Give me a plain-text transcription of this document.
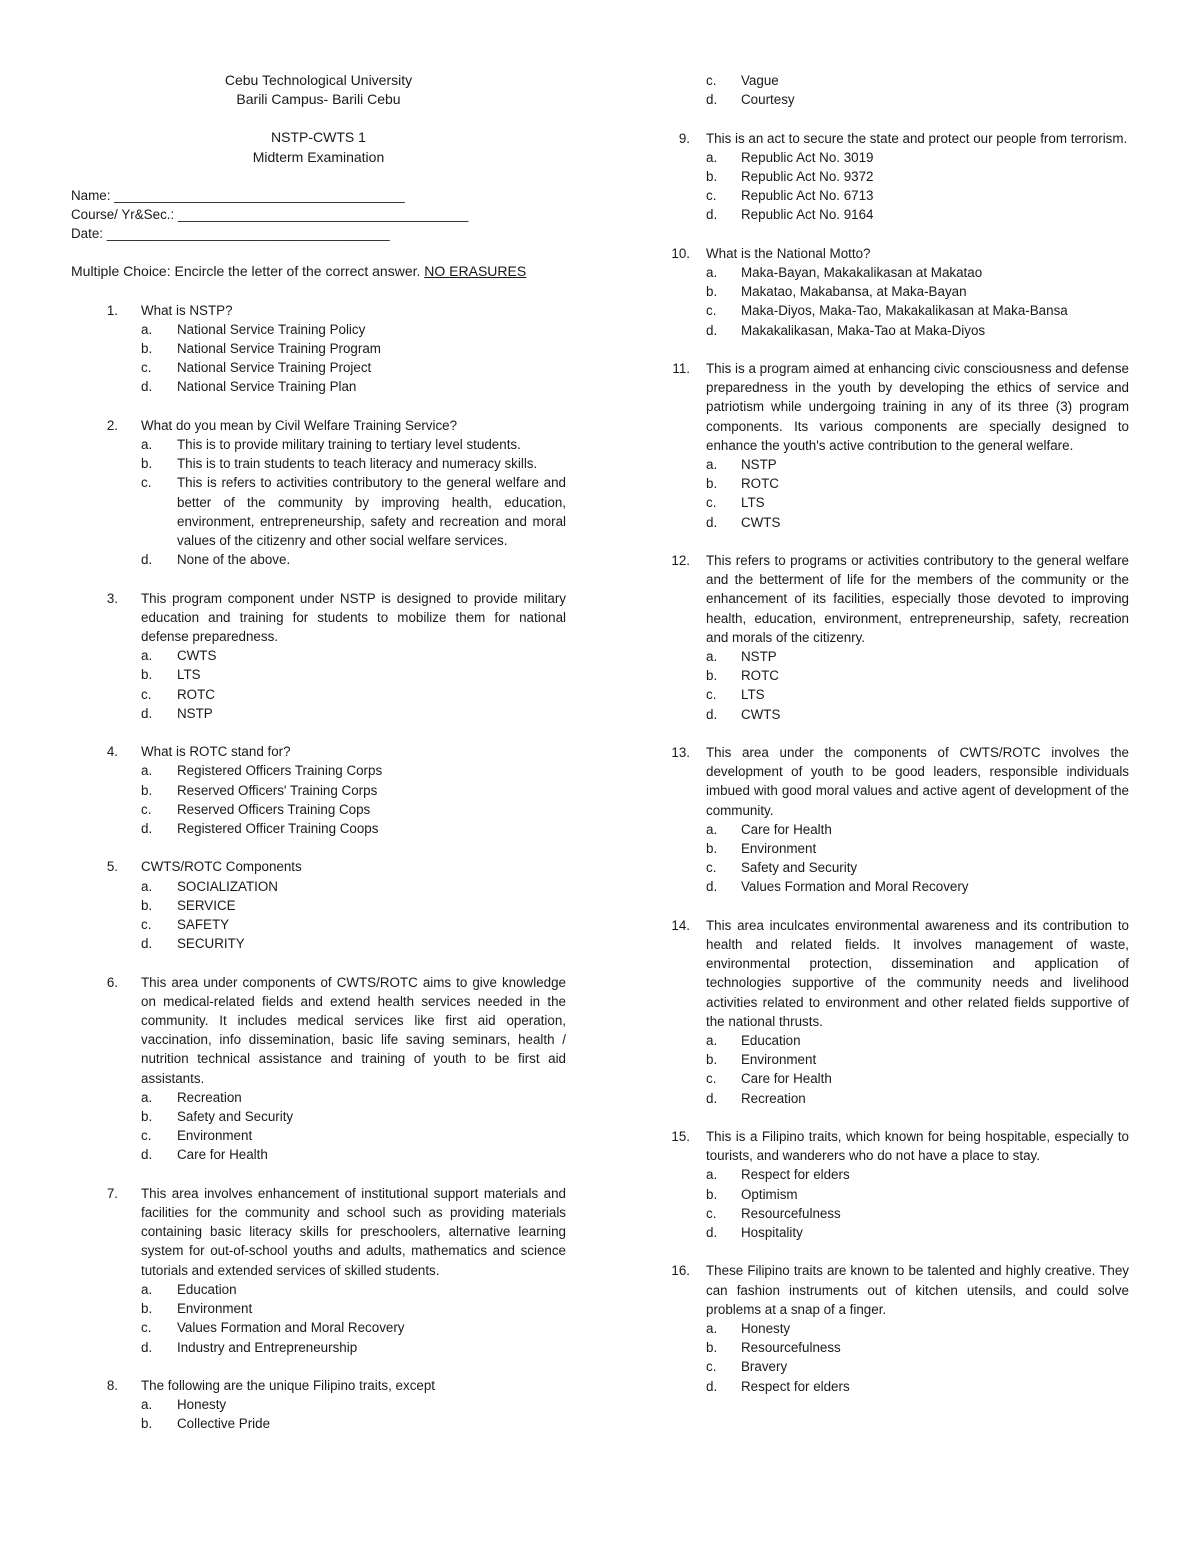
Cebu Technological University
Barili Campus- Barili Cebu
NSTP-CWTS 1
Midterm Examination
Name: _______________________________________
Course/ Yr&Sec.: _______________________________________
Date: ______________________________________
Multiple Choice: Encircle the letter of the correct answer. NO ERASURES
1. What is NSTP?
a. National Service Training Policy
b. National Service Training Program
c. National Service Training Project
d. National Service Training Plan
2. What do you mean by Civil Welfare Training Service?
a. This is to provide military training to tertiary level students.
b. This is to train students to teach literacy and numeracy skills.
c. This is refers to activities contributory to the general welfare and better of the community by improving health, education, environment, entrepreneurship, safety and recreation and moral values of the citizenry and other social welfare services.
d. None of the above.
3. This program component under NSTP is designed to provide military education and training for students to mobilize them for national defense preparedness.
a. CWTS
b. LTS
c. ROTC
d. NSTP
4. What is ROTC stand for?
a. Registered Officers Training Corps
b. Reserved Officers' Training Corps
c. Reserved Officers Training Cops
d. Registered Officer Training Coops
5. CWTS/ROTC Components
a. SOCIALIZATION
b. SERVICE
c. SAFETY
d. SECURITY
6. This area under components of CWTS/ROTC aims to give knowledge on medical-related fields and extend health services needed in the community. It includes medical services like first aid operation, vaccination, info dissemination, basic life saving seminars, health / nutrition technical assistance and training of youth to be first aid assistants.
a. Recreation
b. Safety and Security
c. Environment
d. Care for Health
7. This area involves enhancement of institutional support materials and facilities for the community and school such as providing materials containing basic literacy skills for preschoolers, alternative learning system for out-of-school youths and adults, mathematics and science tutorials and extended services of skilled students.
a. Education
b. Environment
c. Values Formation and Moral Recovery
d. Industry and Entrepreneurship
8. The following are the unique Filipino traits, except
a. Honesty
b. Collective Pride
c. Vague
d. Courtesy
9. This is an act to secure the state and protect our people from terrorism.
a. Republic Act No. 3019
b. Republic Act No. 9372
c. Republic Act No. 6713
d. Republic Act No. 9164
10. What is the National Motto?
a. Maka-Bayan, Makakalikasan at Makatao
b. Makatao, Makabansa, at Maka-Bayan
c. Maka-Diyos, Maka-Tao, Makakalikasan at Maka-Bansa
d. Makakalikasan, Maka-Tao at Maka-Diyos
11. This is a program aimed at enhancing civic consciousness and defense preparedness in the youth by developing the ethics of service and patriotism while undergoing training in any of its three (3) program components. Its various components are specially designed to enhance the youth's active contribution to the general welfare.
a. NSTP
b. ROTC
c. LTS
d. CWTS
12. This refers to programs or activities contributory to the general welfare and the betterment of life for the members of the community or the enhancement of its facilities, especially those devoted to improving health, education, environment, entrepreneurship, safety, recreation and morals of the citizenry.
a. NSTP
b. ROTC
c. LTS
d. CWTS
13. This area under the components of CWTS/ROTC involves the development of youth to be good leaders, responsible individuals imbued with good moral values and active agent of development of the community.
a. Care for Health
b. Environment
c. Safety and Security
d. Values Formation and Moral Recovery
14. This area inculcates environmental awareness and its contribution to health and related fields. It involves management of waste, environmental protection, dissemination and application of technologies supportive of the community needs and livelihood activities related to environment and other related fields supportive of the national thrusts.
a. Education
b. Environment
c. Care for Health
d. Recreation
15. This is a Filipino traits, which known for being hospitable, especially to tourists, and wanderers who do not have a place to stay.
a. Respect for elders
b. Optimism
c. Resourcefulness
d. Hospitality
16. These Filipino traits are known to be talented and highly creative. They can fashion instruments out of kitchen utensils, and could solve problems at a snap of a finger.
a. Honesty
b. Resourcefulness
c. Bravery
d. Respect for elders
